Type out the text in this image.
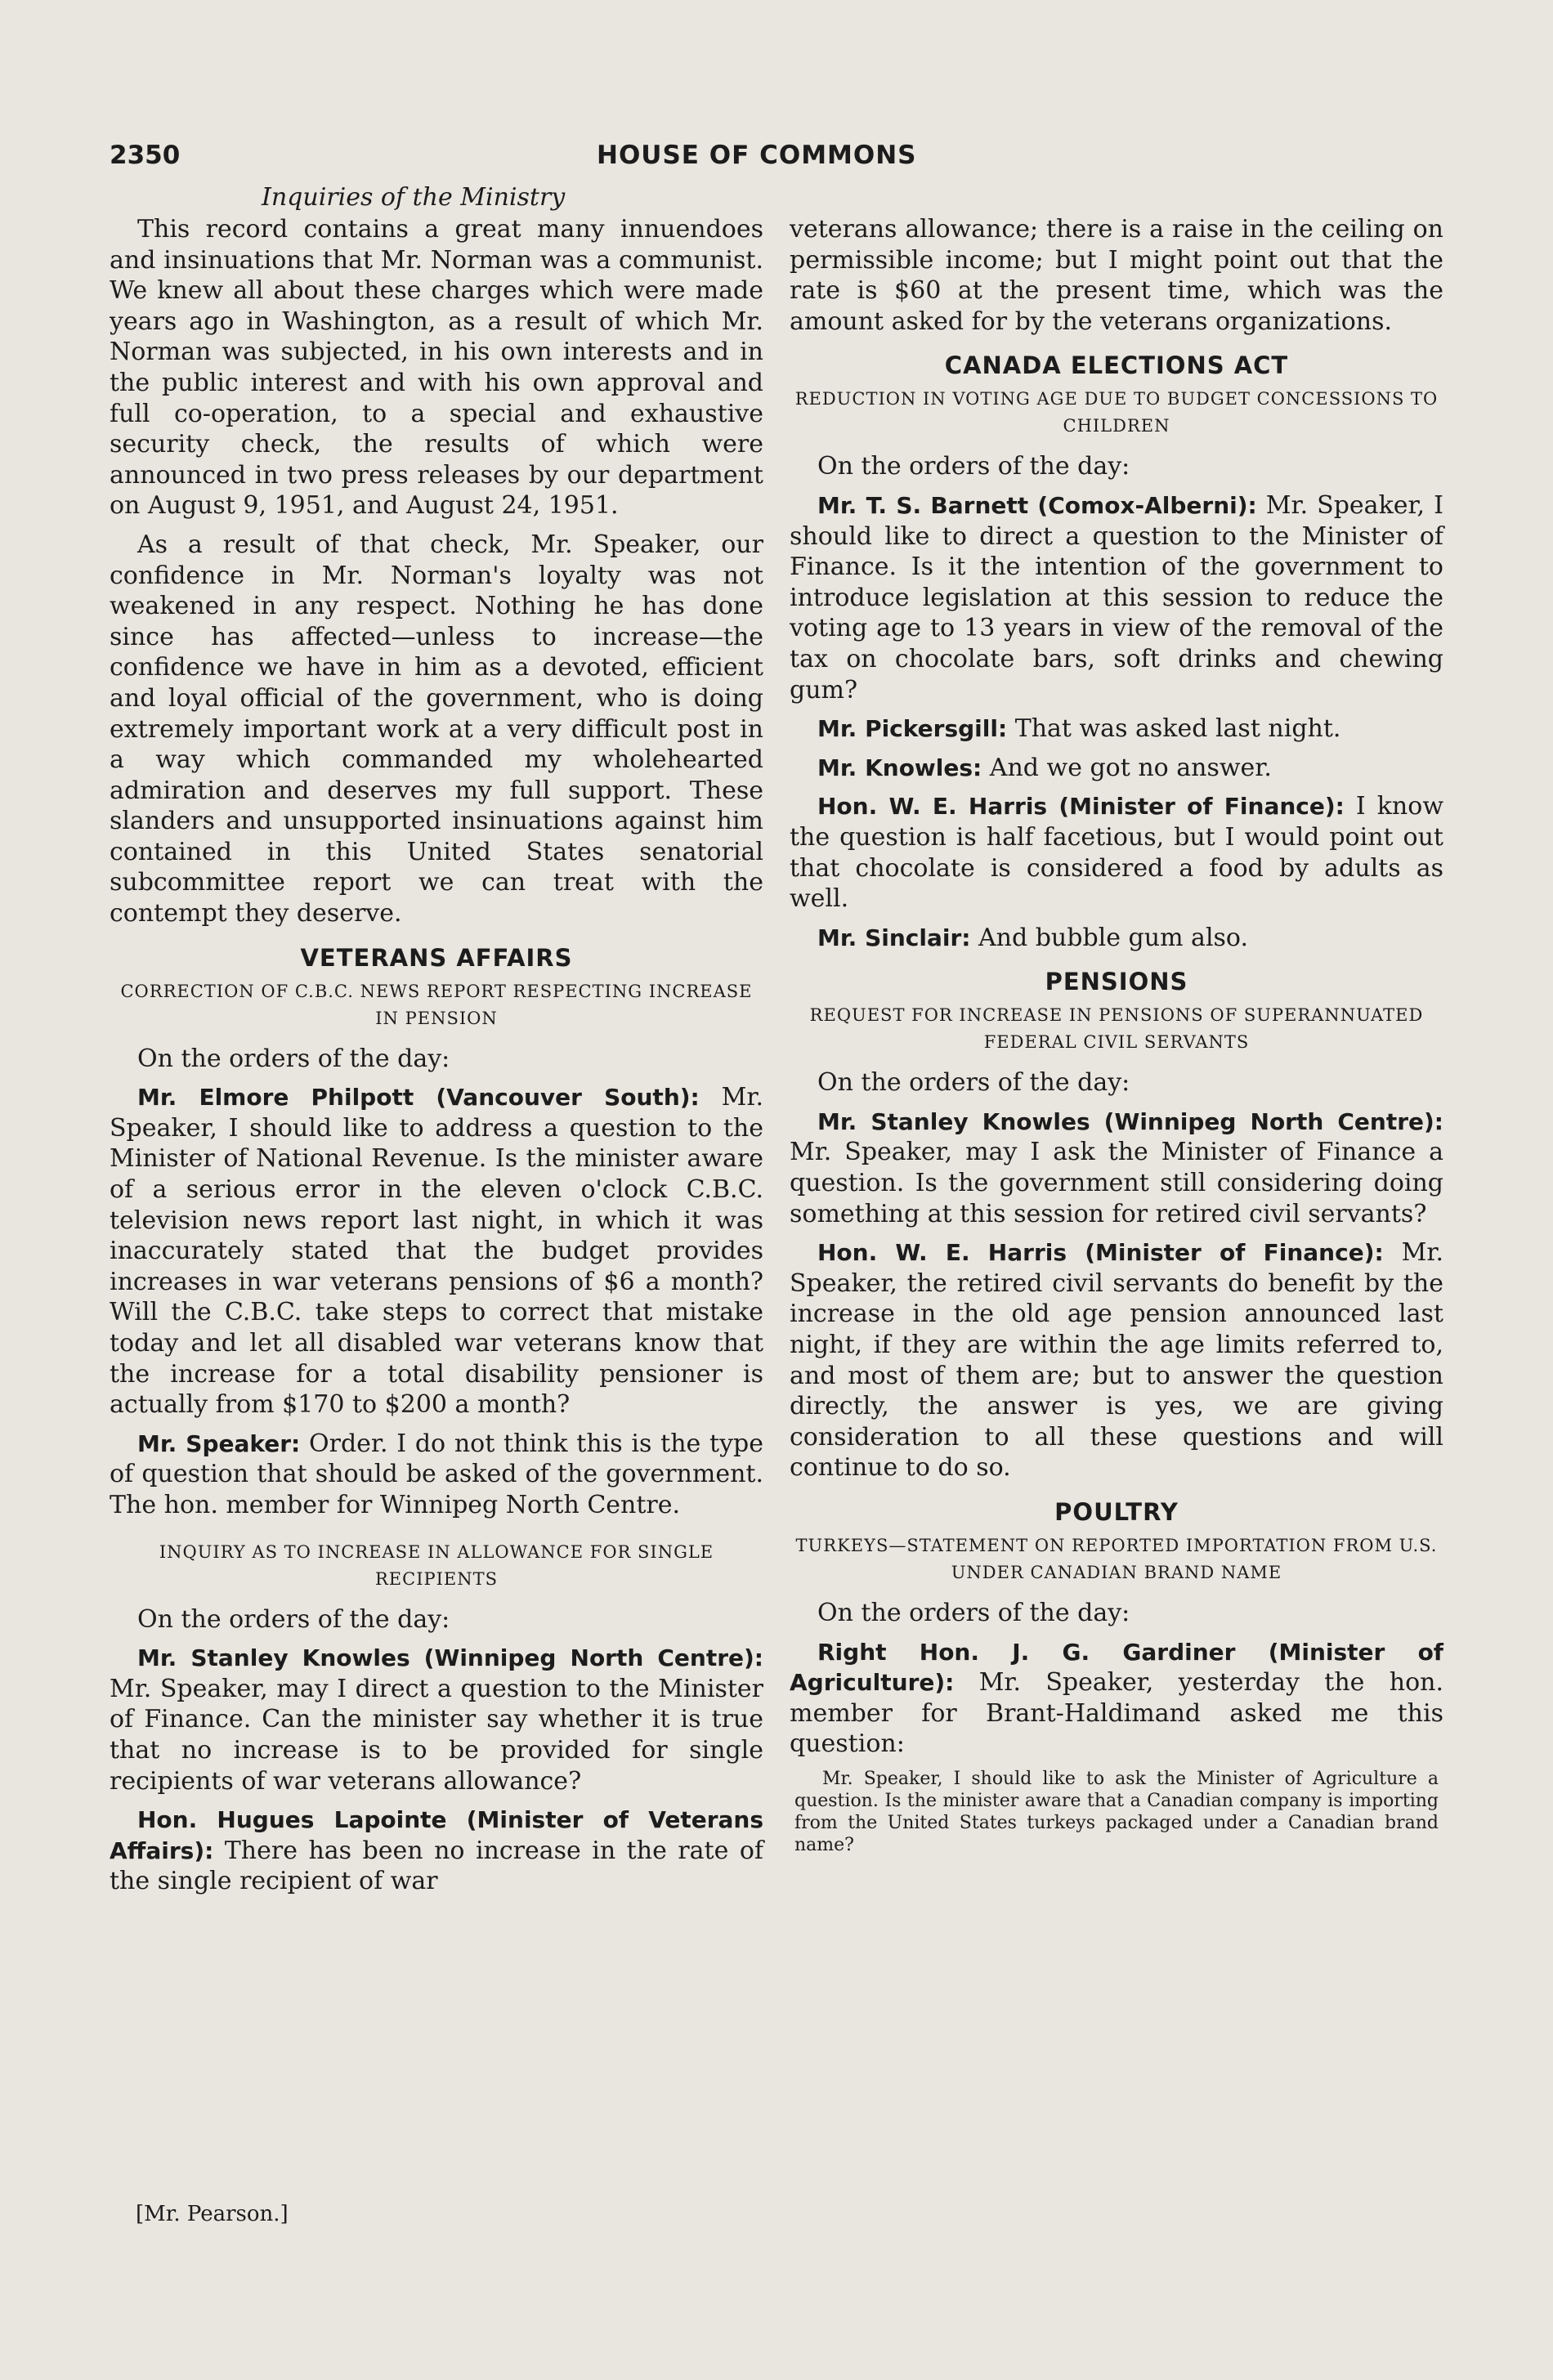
2350	HOUSE OF COMMONS
Inquiries of the Ministry

This record contains a great many innuendoes and insinuations that Mr. Norman was a communist. We knew all about these charges which were made years ago in Washington, as a result of which Mr. Norman was subjected, in his own interests and in the public interest and with his own approval and full co-operation, to a special and exhaustive security check, the results of which were announced in two press releases by our department on August 9, 1951, and August 24, 1951.

As a result of that check, Mr. Speaker, our confidence in Mr. Norman's loyalty was not weakened in any respect. Nothing he has done since has affected—unless to increase—the confidence we have in him as a devoted, efficient and loyal official of the government, who is doing extremely important work at a very difficult post in a way which commanded my wholehearted admiration and deserves my full support. These slanders and unsupported insinuations against him contained in this United States senatorial subcommittee report we can treat with the contempt they deserve.

VETERANS AFFAIRS
CORRECTION OF C.B.C. NEWS REPORT RESPECTING INCREASE IN PENSION

On the orders of the day:

Mr. Elmore Philpott (Vancouver South): Mr. Speaker, I should like to address a question to the Minister of National Revenue. Is the minister aware of a serious error in the eleven o'clock C.B.C. television news report last night, in which it was inaccurately stated that the budget provides increases in war veterans pensions of $6 a month? Will the C.B.C. take steps to correct that mistake today and let all disabled war veterans know that the increase for a total disability pensioner is actually from $170 to $200 a month?

Mr. Speaker: Order. I do not think this is the type of question that should be asked of the government. The hon. member for Winnipeg North Centre.

INQUIRY AS TO INCREASE IN ALLOWANCE FOR SINGLE RECIPIENTS

On the orders of the day:

Mr. Stanley Knowles (Winnipeg North Centre): Mr. Speaker, may I direct a question to the Minister of Finance. Can the minister say whether it is true that no increase is to be provided for single recipients of war veterans allowance?

Hon. Hugues Lapointe (Minister of Veterans Affairs): There has been no increase in the rate of the single recipient of war

veterans allowance; there is a raise in the ceiling on permissible income; but I might point out that the rate is $60 at the present time, which was the amount asked for by the veterans organizations.

CANADA ELECTIONS ACT
REDUCTION IN VOTING AGE DUE TO BUDGET CONCESSIONS TO CHILDREN

On the orders of the day:

Mr. T. S. Barnett (Comox-Alberni): Mr. Speaker, I should like to direct a question to the Minister of Finance. Is it the intention of the government to introduce legislation at this session to reduce the voting age to 13 years in view of the removal of the tax on chocolate bars, soft drinks and chewing gum?

Mr. Pickersgill: That was asked last night.

Mr. Knowles: And we got no answer.

Hon. W. E. Harris (Minister of Finance): I know the question is half facetious, but I would point out that chocolate is considered a food by adults as well.

Mr. Sinclair: And bubble gum also.

PENSIONS
REQUEST FOR INCREASE IN PENSIONS OF SUPERANNUATED FEDERAL CIVIL SERVANTS

On the orders of the day:

Mr. Stanley Knowles (Winnipeg North Centre): Mr. Speaker, may I ask the Minister of Finance a question. Is the government still considering doing something at this session for retired civil servants?

Hon. W. E. Harris (Minister of Finance): Mr. Speaker, the retired civil servants do benefit by the increase in the old age pension announced last night, if they are within the age limits referred to, and most of them are; but to answer the question directly, the answer is yes, we are giving consideration to all these questions and will continue to do so.

POULTRY
TURKEYS—STATEMENT ON REPORTED IMPORTATION FROM U.S. UNDER CANADIAN BRAND NAME

On the orders of the day:

Right Hon. J. G. Gardiner (Minister of Agriculture): Mr. Speaker, yesterday the hon. member for Brant-Haldimand asked me this question:

Mr. Speaker, I should like to ask the Minister of Agriculture a question. Is the minister aware that a Canadian company is importing from the United States turkeys packaged under a Canadian brand name?

[Mr. Pearson.]
